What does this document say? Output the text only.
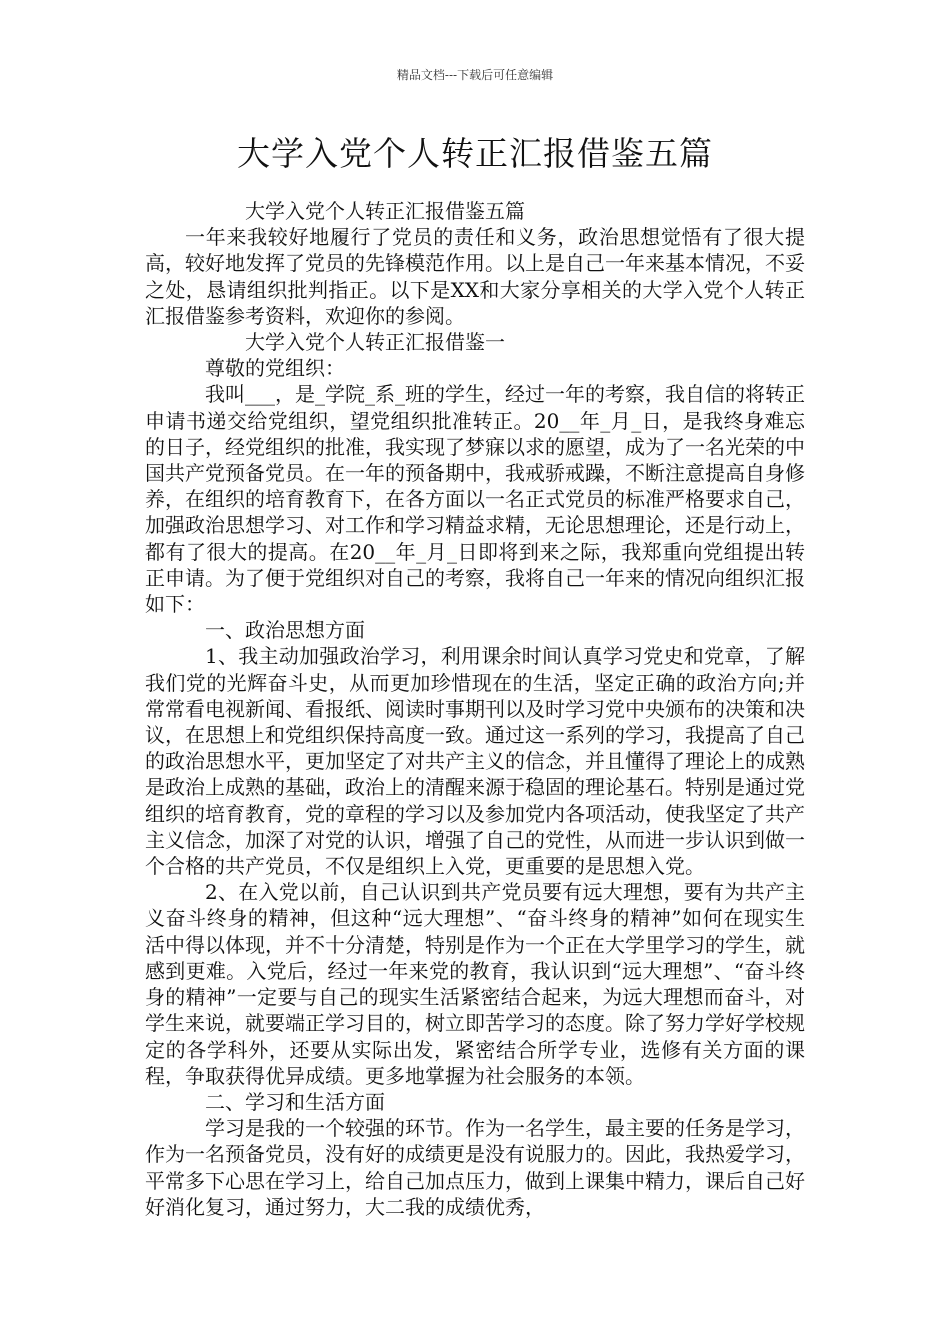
精品文档---下载后可任意编辑
大学入党个人转正汇报借鉴五篇

大学入党个人转正汇报借鉴五篇

一年来我较好地履行了党员的责任和义务，政治思想觉悟有了很大提高，较好地发挥了党员的先锋模范作用。以上是自己一年来基本情况，不妥之处，恳请组织批判指正。以下是XX和大家分享相关的大学入党个人转正汇报借鉴参考资料，欢迎你的参阅。

大学入党个人转正汇报借鉴一

尊敬的党组织：

我叫___，是_学院_系_班的学生，经过一年的考察，我自信的将转正申请书递交给党组织，望党组织批准转正。20__年_月_日，是我终身难忘的日子，经党组织的批准，我实现了梦寐以求的愿望，成为了一名光荣的中国共产党预备党员。在一年的预备期中，我戒骄戒躁，不断注意提高自身修养，在组织的培育教育下，在各方面以一名正式党员的标准严格要求自己，加强政治思想学习、对工作和学习精益求精，无论思想理论，还是行动上，都有了很大的提高。在20__年_月_日即将到来之际，我郑重向党组提出转正申请。为了便于党组织对自己的考察，我将自己一年来的情况向组织汇报如下：

一、政治思想方面

1、我主动加强政治学习，利用课余时间认真学习党史和党章，了解我们党的光辉奋斗史，从而更加珍惜现在的生活，坚定正确的政治方向;并常常看电视新闻、看报纸、阅读时事期刊以及时学习党中央颁布的决策和决议，在思想上和党组织保持高度一致。通过这一系列的学习，我提高了自己的政治思想水平，更加坚定了对共产主义的信念，并且懂得了理论上的成熟是政治上成熟的基础，政治上的清醒来源于稳固的理论基石。特别是通过党组织的培育教育，党的章程的学习以及参加党内各项活动，使我坚定了共产主义信念，加深了对党的认识，增强了自己的党性，从而进一步认识到做一个合格的共产党员，不仅是组织上入党，更重要的是思想入党。

2、在入党以前，自己认识到共产党员要有远大理想，要有为共产主义奋斗终身的精神，但这种“远大理想”、“奋斗终身的精神”如何在现实生活中得以体现，并不十分清楚，特别是作为一个正在大学里学习的学生，就感到更难。入党后，经过一年来党的教育，我认识到“远大理想”、“奋斗终身的精神”一定要与自己的现实生活紧密结合起来，为远大理想而奋斗，对学生来说，就要端正学习目的，树立即苦学习的态度。除了努力学好学校规定的各学科外，还要从实际出发，紧密结合所学专业，选修有关方面的课程，争取获得优异成绩。更多地掌握为社会服务的本领。

二、学习和生活方面

学习是我的一个较强的环节。作为一名学生，最主要的任务是学习，作为一名预备党员，没有好的成绩更是没有说服力的。因此，我热爱学习，平常多下心思在学习上，给自己加点压力，做到上课集中精力，课后自己好好消化复习，通过努力，大二我的成绩优秀，
